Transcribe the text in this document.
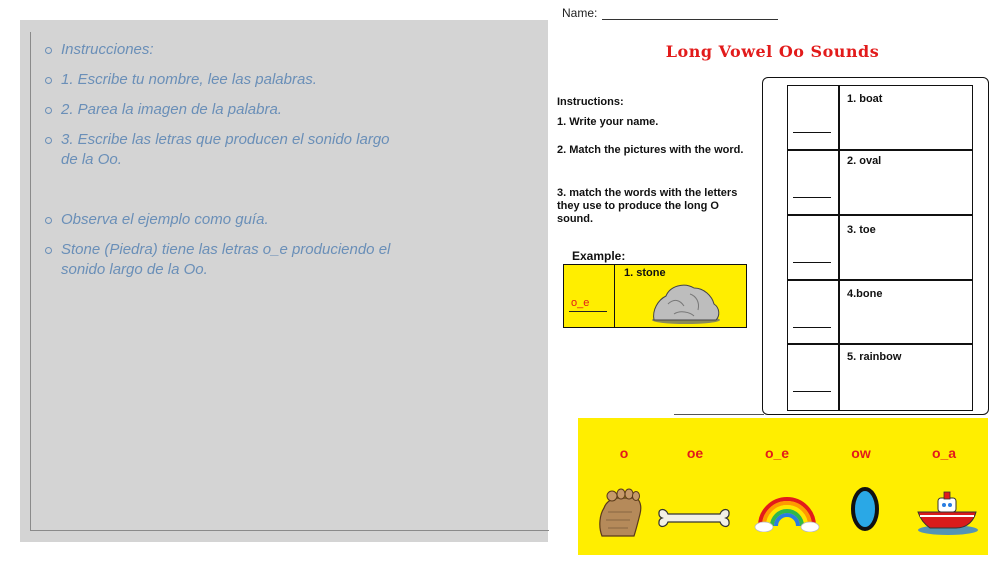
Instrucciones:
1. Escribe tu nombre, lee las palabras.
2. Parea la imagen de la palabra.
3. Escribe las letras que producen el sonido largo de la Oo.
Observa el ejemplo como guía.
Stone (Piedra) tiene las letras o_e produciendo el sonido largo de la Oo.
Name:
Long Vowel Oo Sounds
Instructions:
1. Write your name.
2. Match the pictures with the word.
3. match the words with the letters they use to produce the long O sound.
Example:
o_e
1. stone
1. boat
2. oval
3. toe
4.bone
5. rainbow
o	oe	o_e	ow	o_a
